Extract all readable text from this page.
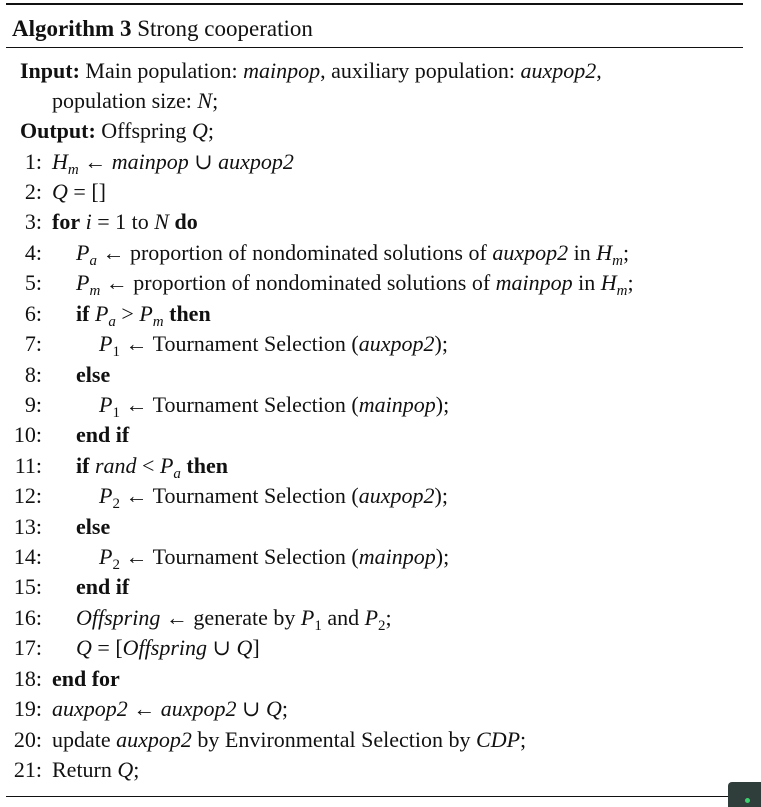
Algorithm 3 Strong cooperation
Input: Main population: mainpop, auxiliary population: auxpop2,
population size: N;
Output: Offspring Q;
1:
2:
3:
4:
5:
6:
7:
8:
9:
10:
11:
12:
13:
14:
15:
16:
17:
18:
19:
20:
21:
$H_m$ ← mainpop ∪ auxpop2
Q = []
for i = 1 to N do
$P_a$ ← proportion of nondominated solutions of auxpop2 in $H_m$;
$P_m$ ← proportion of nondominated solutions of mainpop in $H_m$;
if $P_a > P_m$ then
$P_1$ ← Tournament Selection (auxpop2);
else
$P_1$ ← Tournament Selection (mainpop);
end if
if rand < $P_a$ then
$P_2$ ← Tournament Selection (auxpop2);
else
$P_2$ ← Tournament Selection (mainpop);
end if
Offspring ← generate by $P_1$ and $P_2$;
Q = [Offspring ∪ Q]
end for
auxpop2 ← auxpop2 ∪ Q;
update auxpop2 by Environmental Selection by CDP;
Return Q;
